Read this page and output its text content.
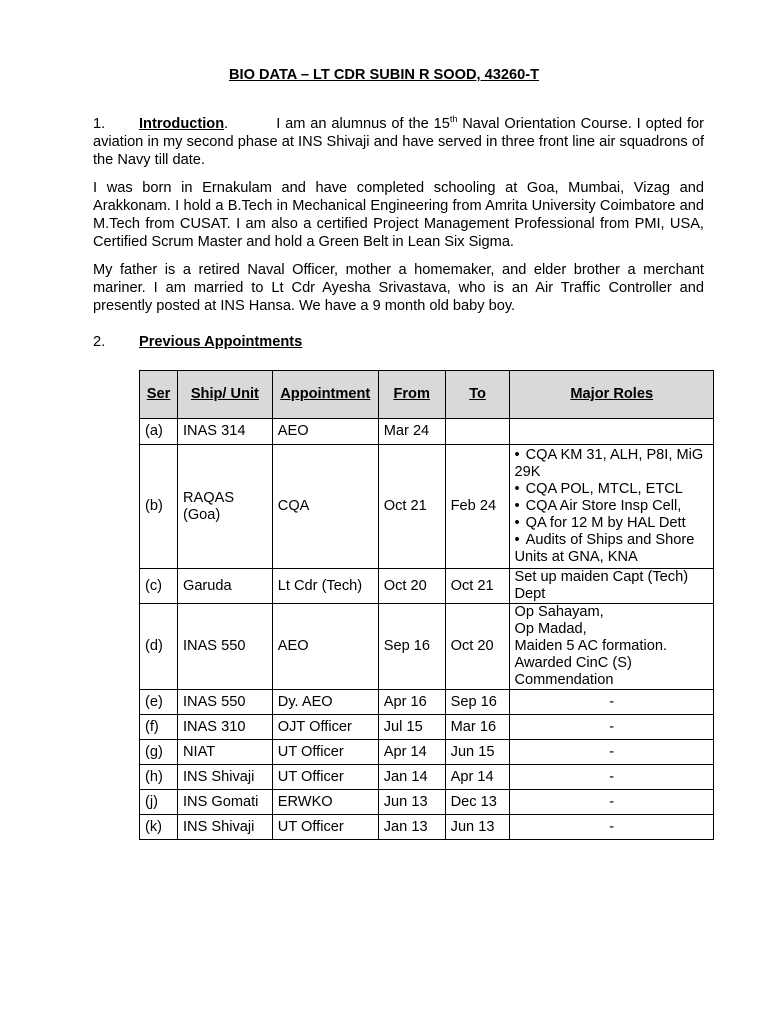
BIO DATA – LT CDR SUBIN R SOOD, 43260-T
1. Introduction.	I am an alumnus of the 15th Naval Orientation Course. I opted for aviation in my second phase at INS Shivaji and have served in three front line air squadrons of the Navy till date.
I was born in Ernakulam and have completed schooling at Goa, Mumbai, Vizag and Arakkonam. I hold a B.Tech in Mechanical Engineering from Amrita University Coimbatore and M.Tech from CUSAT. I am also a certified Project Management Professional from PMI, USA, Certified Scrum Master and hold a Green Belt in Lean Six Sigma.
My father is a retired Naval Officer, mother a homemaker, and elder brother a merchant mariner. I am married to Lt Cdr Ayesha Srivastava, who is an Air Traffic Controller and presently posted at INS Hansa. We have a 9 month old baby boy.
2. Previous Appointments
Ser	Ship/ Unit	Appointment	From	To	Major Roles
(a)	INAS 314	AEO	Mar 24		
(b)	RAQAS (Goa)	CQA	Oct 21	Feb 24	• CQA KM 31, ALH, P8I, MiG 29K
• CQA POL, MTCL, ETCL
• CQA Air Store Insp Cell,
• QA for 12 M by HAL Dett
• Audits of Ships and Shore Units at GNA, KNA

(c)	Garuda	Lt Cdr (Tech)	Oct 20	Oct 21	Set up maiden Capt (Tech) Dept
(d)	INAS 550	AEO	Sep 16	Oct 20	Op Sahayam,
Op Madad,
Maiden 5 AC formation.
Awarded CinC (S) Commendation

(e)	INAS 550	Dy. AEO	Apr 16	Sep 16	-
(f)	INAS 310	OJT Officer	Jul 15	Mar 16	-
(g)	NIAT	UT Officer	Apr 14	Jun 15	-
(h)	INS Shivaji	UT Officer	Jan 14	Apr 14	-
(j)	INS Gomati	ERWKO	Jun 13	Dec 13	-
(k)	INS Shivaji	UT Officer	Jan 13	Jun 13	-
